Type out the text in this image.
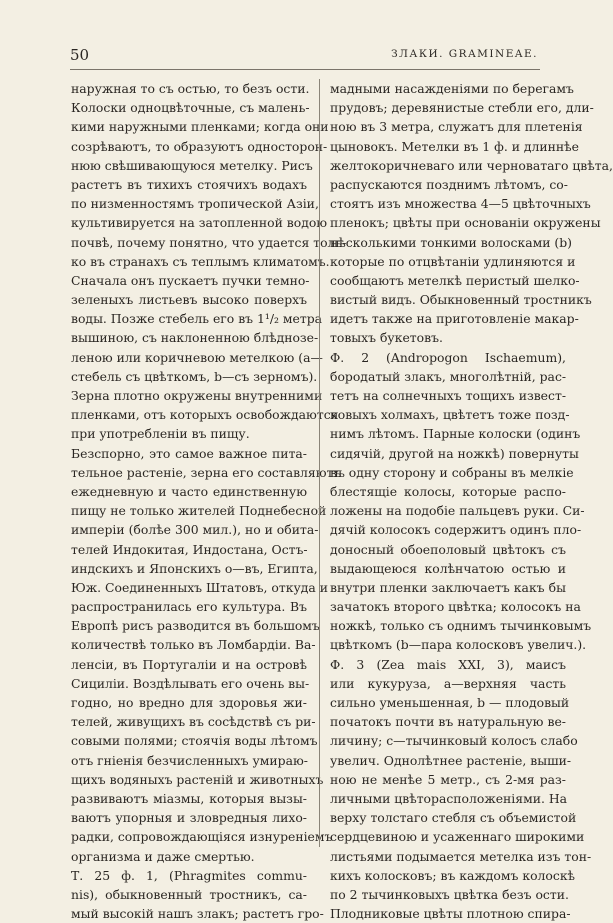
50	ЗЛАКИ. GRAMINEAE.
наружная то съ остью, то безъ ости.
Колоски одноцвѣточные, съ малень-
кими наружными пленками; когда они
созрѣваютъ, то образуютъ односторон-
нюю свѣшивающуюся метелку. Рисъ
растетъ въ тихихъ стоячихъ водахъ
по низменностямъ тропической Азіи,
культивируется на затопленной водою
почвѣ, почему понятно, что удается толь-
ко въ странахъ съ теплымъ климатомъ.
Сначала онъ пускаетъ пучки темно-
зеленыхъ листьевъ высоко поверхъ
воды. Позже стебель его въ 1¹/₂ метра
вышиною, съ наклоненною блѣднозе-
леною или коричневою метелкою (a—
стебель съ цвѣткомъ, b—съ зерномъ).
Зерна плотно окружены внутренними
пленками, отъ которыхъ освобождаются
при употребленіи въ пищу.
Безспорно, это самое важное пита-
тельное растеніе, зерна его составляютъ
ежедневную и часто единственную
пищу не только жителей Поднебесной
имперіи (болѣе 300 мил.), но и обита-
телей Индокитая, Индостана, Остъ-
индскихъ и Японскихъ о—въ, Египта,
Юж. Соединенныхъ Штатовъ, откуда и
распространилась его культура. Въ
Европѣ рисъ разводится въ большомъ
количествѣ только въ Ломбардіи. Ва-
ленсіи, въ Португаліи и на островѣ
Сициліи. Воздѣлывать его очень вы-
годно, но вредно для здоровья жи-
телей, живущихъ въ сосѣдствѣ съ ри-
совыми полями; стоячія воды лѣтомъ
отъ гніенія безчисленныхъ умираю-
щихъ водяныхъ растеній и животныхъ
развиваютъ міазмы, которыя вызы-
ваютъ упорныя и зловредныя лихо-
радки, сопровождающіяся изнуреніемъ
организма и даже смертью.
Т. 25 ф. 1, (Phragmites commu-
nis), обыкновенный тростникъ, са-
мый высокій нашъ злакъ; растетъ гро-
мадными насажденіями по берегамъ
прудовъ; деревянистые стебли его, дли-
ною въ 3 метра, служатъ для плетенія
цыновокъ. Метелки въ 1 ф. и длиннѣе
желтокоричневаго или черноватаго цвѣта,
распускаются позднимъ лѣтомъ, со-
стоятъ изъ множества 4—5 цвѣточныхъ
пленокъ; цвѣты при основаніи окружены
нѣсколькими тонкими волосками (b)
которые по отцвѣтаніи удлиняются и
сообщаютъ метелкѣ перистый шелко-
вистый видъ. Обыкновенный тростникъ
идетъ также на приготовленіе макар-
товыхъ букетовъ.
Ф. 2 (Andropogon Ischaemum),
бородатый злакъ, многолѣтній, рас-
тетъ на солнечныхъ тощихъ извест-
ковыхъ холмахъ, цвѣтетъ тоже позд-
нимъ лѣтомъ. Парные колоски (одинъ
сидячій, другой на ножкѣ) повернуты
въ одну сторону и собраны въ мелкіе
блестящіе колосы, которые распо-
ложены на подобіе пальцевъ руки. Си-
дячій колосокъ содержитъ одинъ пло-
доносный обоеполовый цвѣтокъ съ
выдающеюся колѣнчатою остью и
внутри пленки заключаетъ какъ бы
зачатокъ второго цвѣтка; колосокъ на
ножкѣ, только съ однимъ тычинковымъ
цвѣткомъ (b—пара колосковъ увелич.).
Ф. 3 (Zea mais XXI, 3), маисъ
или кукуруза, a—верхняя часть
сильно уменьшенная, b — плодовый
початокъ почти въ натуральную ве-
личину; c—тычинковый колосъ слабо
увелич. Однолѣтнее растеніе, выши-
ною не менѣе 5 метр., съ 2-мя раз-
личными цвѣторасположеніями. На
верху толстаго стебля съ объемистой
сердцевиною и усаженнаго широкими
листьями подымается метелка изъ тон-
кихъ колосковъ; въ каждомъ колоскѣ
по 2 тычинковыхъ цвѣтка безъ ости.
Плодниковые цвѣты плотною спира-
